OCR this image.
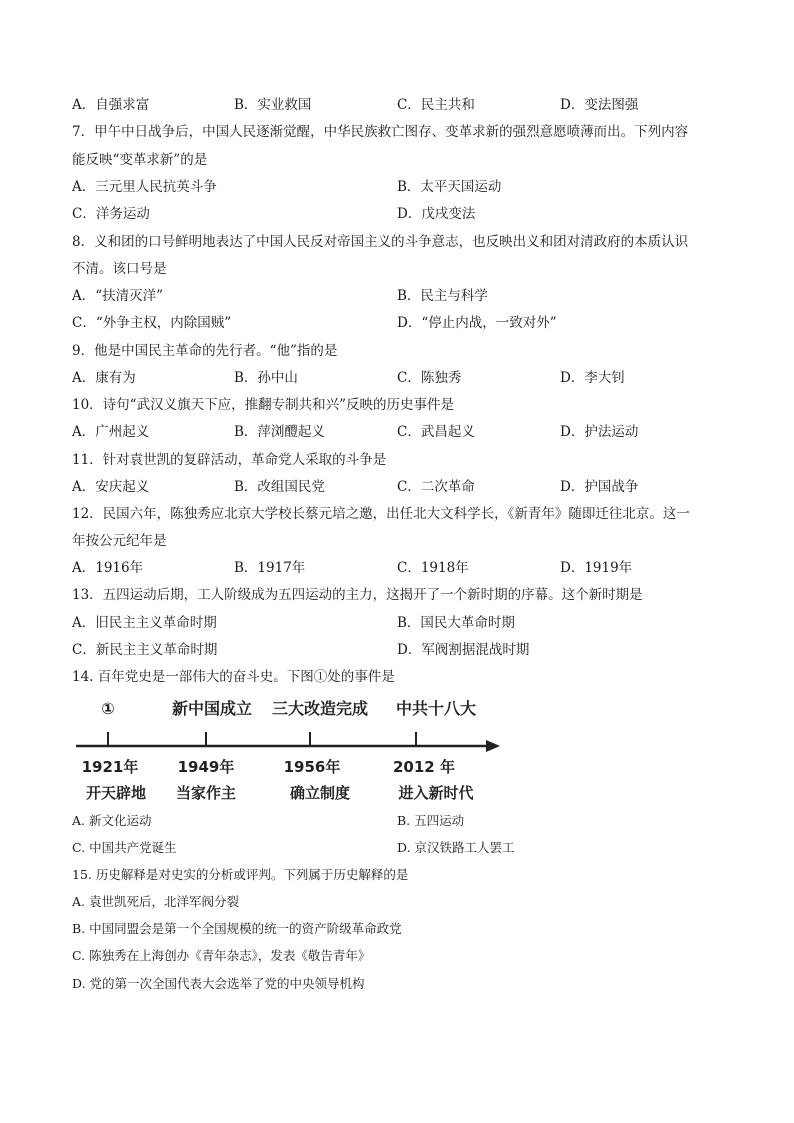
A．自强求富	B．实业救国	C．民主共和	D．变法图强
7．甲午中日战争后，中国人民逐渐觉醒，中华民族救亡图存、变革求新的强烈意愿喷薄而出。下列内容
能反映“变革求新”的是
A．三元里人民抗英斗争	B．太平天国运动
C．洋务运动	D．戊戌变法
8．义和团的口号鲜明地表达了中国人民反对帝国主义的斗争意志，也反映出义和团对清政府的本质认识
不清。该口号是
A．“扶清灭洋”	B．民主与科学
C．“外争主权，内除国贼”	D．“停止内战，一致对外”
9．他是中国民主革命的先行者。“他”指的是
A．康有为	B．孙中山	C．陈独秀	D．李大钊
10．诗句“武汉义旗天下应，推翻专制共和兴”反映的历史事件是
A．广州起义	B．萍浏醴起义	C．武昌起义	D．护法运动
11．针对袁世凯的复辟活动，革命党人采取的斗争是
A．安庆起义	B．改组国民党	C．二次革命	D．护国战争
12．民国六年，陈独秀应北京大学校长蔡元培之邀，出任北大文科学长，《新青年》随即迁往北京。这一
年按公元纪年是
A．1916年	B．1917年	C．1918年	D．1919年
13．五四运动后期，工人阶级成为五四运动的主力，这揭开了一个新时期的序幕。这个新时期是
A．旧民主主义革命时期	B．国民大革命时期
C．新民主主义革命时期	D．军阀割据混战时期
14. 百年党史是一部伟大的奋斗史。下图①处的事件是
①	新中国成立 三大改造完成 中共十八大
1921年	1949年	1956年	2012 年
开天辟地 当家作主	确立制度	进入新时代
A. 新文化运动	B. 五四运动
C. 中国共产党诞生	D. 京汉铁路工人罢工
15. 历史解释是对史实的分析或评判。下列属于历史解释的是
A. 袁世凯死后，北洋军阀分裂
B. 中国同盟会是第一个全国规模的统一的资产阶级革命政党
C. 陈独秀在上海创办《青年杂志》，发表《敬告青年》
D. 党的第一次全国代表大会选举了党的中央领导机构
